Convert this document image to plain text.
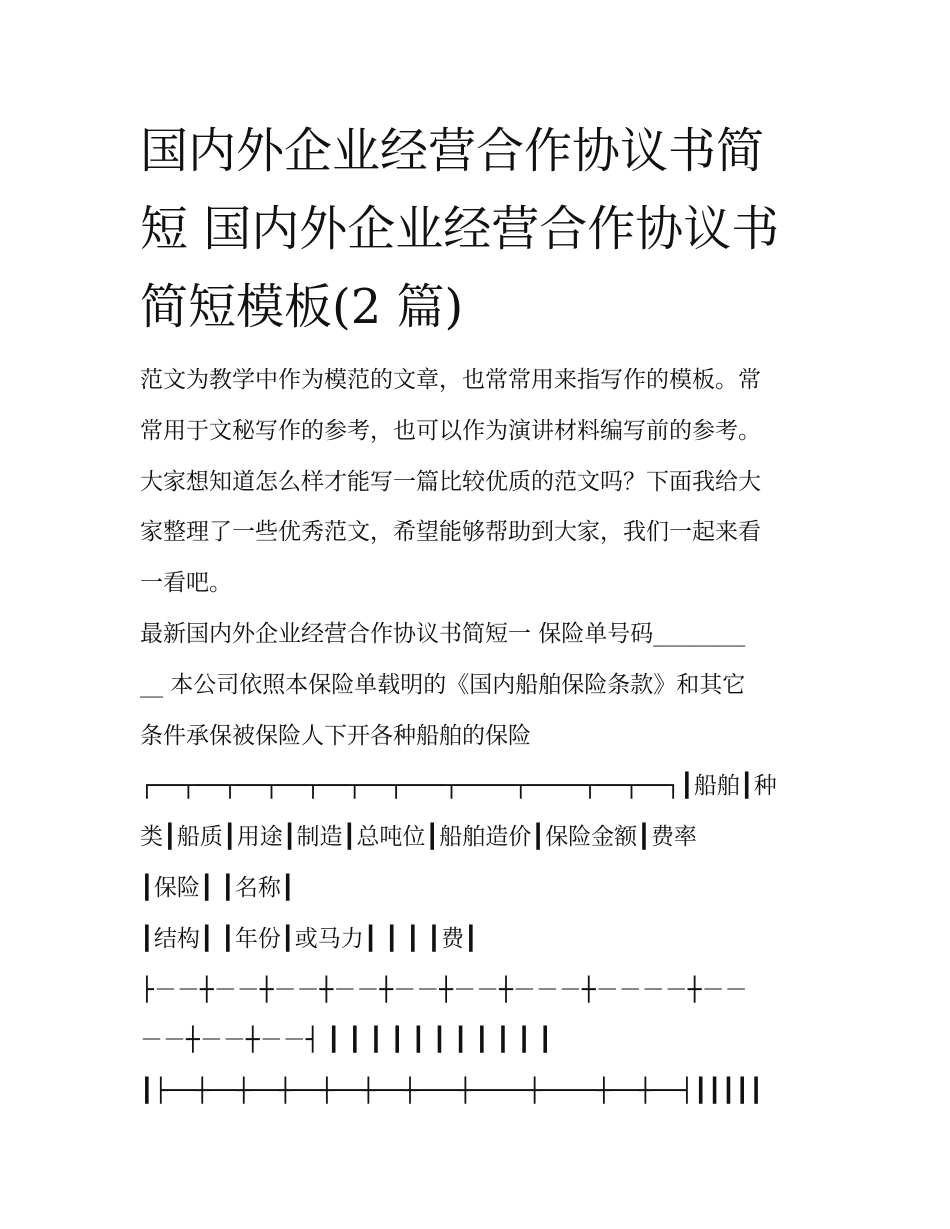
国内外企业经营合作协议书简
短 国内外企业经营合作协议书
简短模板(2 篇)
范文为教学中作为模范的文章，也常常用来指写作的模板。常
常用于文秘写作的参考，也可以作为演讲材料编写前的参考。
大家想知道怎么样才能写一篇比较优质的范文吗？下面我给大
家整理了一些优秀范文，希望能够帮助到大家，我们一起来看
一看吧。
最新国内外企业经营合作协议书简短一 保险单号码________
__ 本公司依照本保险单载明的《国内船舶保险条款》和其它
条件承保被保险人下开各种船舶的保险
┌──┬──┬──┬──┬──┬──┬───┬────┬────┬──┬──┐┃船舶┃种
类┃船质┃用途┃制造┃总吨位┃船舶造价┃保险金额┃费率
┃保险┃ ┃名称┃
┃结构┃ ┃年份┃或马力┃ ┃ ┃ ┃费┃
├－－┼－－┼－－┼－－┼－－┼－－┼－－－┼－－－－┼－－
－－┼－－┼－－┤ ┃ ┃ ┃ ┃ ┃ ┃ ┃ ┃ ┃ ┃ ┃
┃├──┼──┼──┼──┼──┼──┼───┼────┼────┼──┼──┤┃┃┃┃┃
